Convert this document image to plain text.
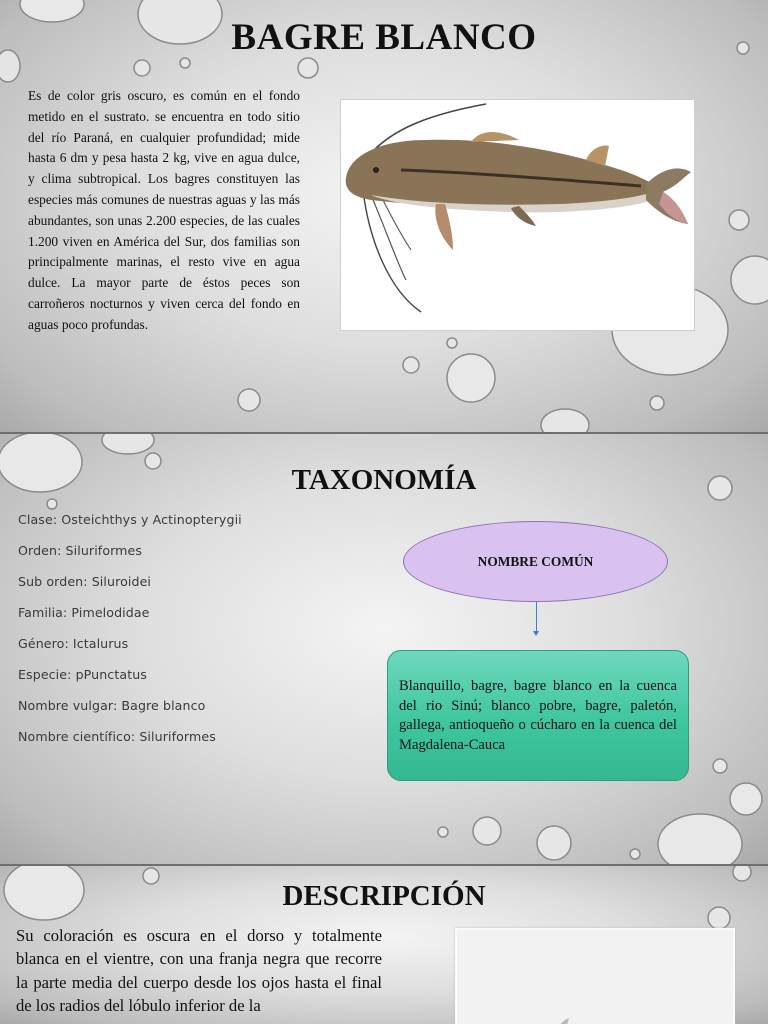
BAGRE BLANCO

Es de color gris oscuro, es común en el fondo metido en el sustrato. se encuentra en todo sitio del río Paraná, en cualquier profundidad; mide hasta 6 dm y pesa hasta 2 kg, vive en agua dulce, y clima subtropical. Los bagres constituyen las especies más comunes de nuestras aguas y las más abundantes, son unas 2.200 especies, de las cuales 1.200 viven en América del Sur, dos familias son principalmente marinas, el resto vive en agua dulce. La mayor parte de éstos peces son carroñeros nocturnos y viven cerca del fondo en aguas poco profundas.

TAXONOMÍA
Clase: Osteichthys y Actinopterygii
Orden: Siluriformes
Sub orden: Siluroidei
Familia: Pimelodidae
Género: Ictalurus
Especie: pPunctatus
Nombre vulgar: Bagre blanco
Nombre científico: Siluriformes
NOMBRE COMÚN

Blanquillo, bagre, bagre blanco en la cuenca del rio Sinú; blanco pobre, bagre, paletón, gallega, antioqueño o cúcharo en la cuenca del Magdalena-Cauca

DESCRIPCIÓN

Su coloración es oscura en el dorso y totalmente blanca en el vientre, con una franja negra que recorre la parte media del cuerpo desde los ojos hasta el final de los radios del lóbulo inferior de la
